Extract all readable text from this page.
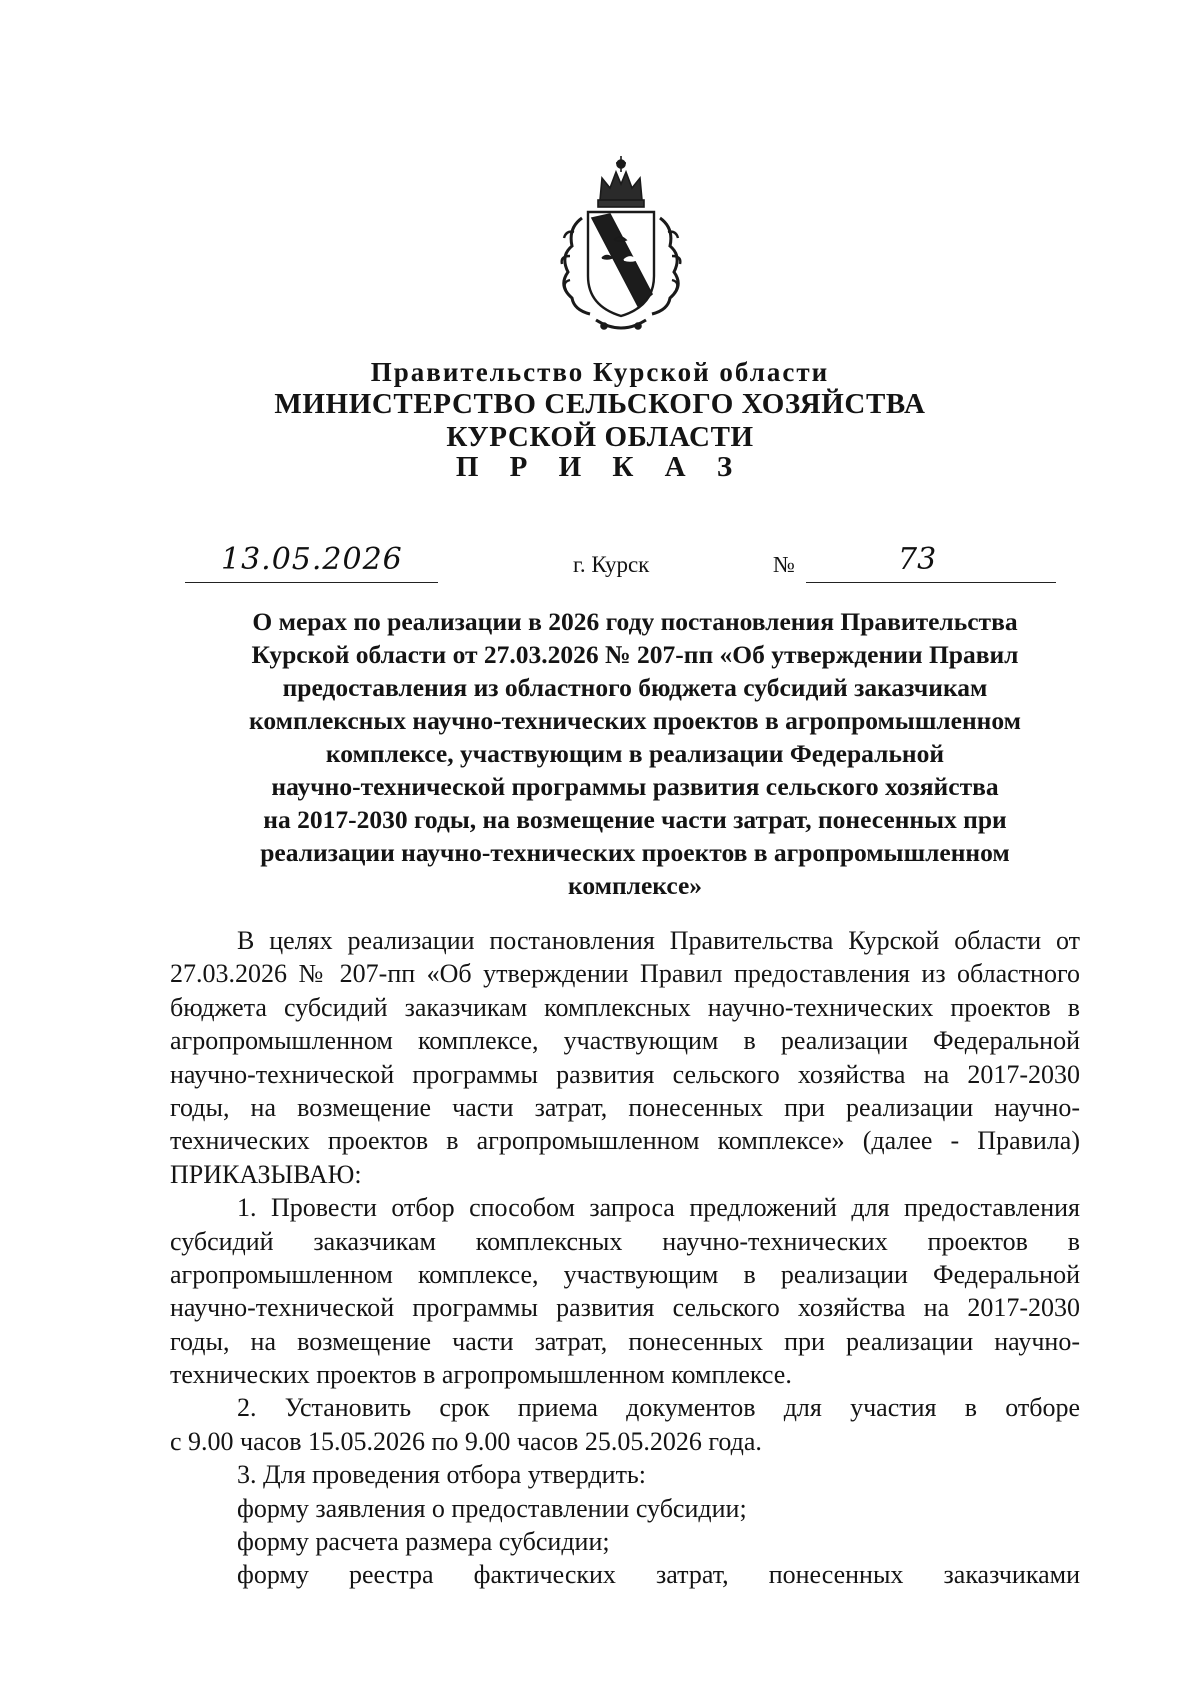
Правительство Курской области
МИНИСТЕРСТВО СЕЛЬСКОГО ХОЗЯЙСТВА
КУРСКОЙ ОБЛАСТИ
П Р И К А З
13.05.2026	г. Курск	№	73
О мерах по реализации в 2026 году постановления Правительства
Курской области от 27.03.2026 № 207-пп «Об утверждении Правил
предоставления из областного бюджета субсидий заказчикам
комплексных научно-технических проектов в агропромышленном
комплексе, участвующим в реализации Федеральной
научно-технической программы развития сельского хозяйства
на 2017-2030 годы, на возмещение части затрат, понесенных при
реализации научно-технических проектов в агропромышленном
комплексе»
В целях реализации постановления Правительства Курской области от
27.03.2026 № 207-пп «Об утверждении Правил предоставления из областного
бюджета субсидий заказчикам комплексных научно-технических проектов в
агропромышленном комплексе, участвующим в реализации Федеральной
научно-технической программы развития сельского хозяйства на 2017-2030
годы, на возмещение части затрат, понесенных при реализации научно-
технических проектов в агропромышленном комплексе» (далее - Правила)
ПРИКАЗЫВАЮ:
1. Провести отбор способом запроса предложений для предоставления
субсидий заказчикам комплексных научно-технических проектов в
агропромышленном комплексе, участвующим в реализации Федеральной
научно-технической программы развития сельского хозяйства на 2017-2030
годы, на возмещение части затрат, понесенных при реализации научно-
технических проектов в агропромышленном комплексе.
2. Установить срок приема документов для участия в отборе
с 9.00 часов 15.05.2026 по 9.00 часов 25.05.2026 года.
3. Для проведения отбора утвердить:
форму заявления о предоставлении субсидии;
форму расчета размера субсидии;
форму реестра фактических затрат, понесенных заказчиками
